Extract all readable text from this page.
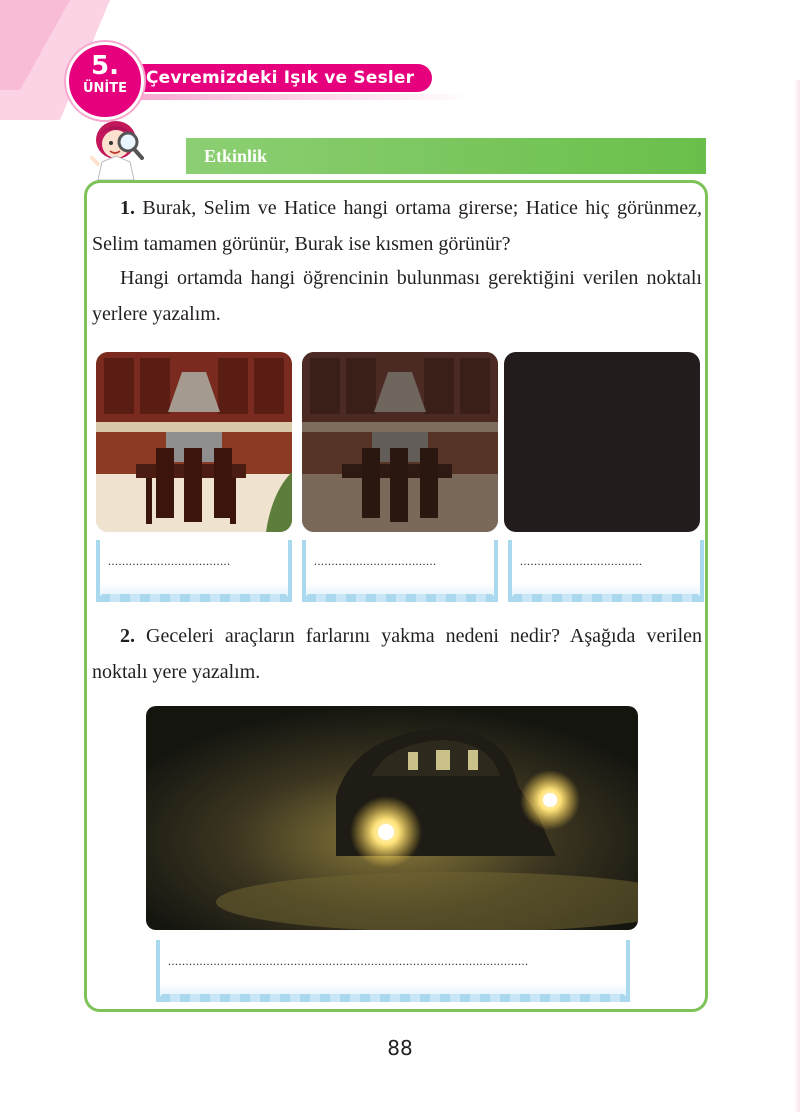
Çevremizdeki Işık ve Sesler
5.
ÜNİTE
Etkinlik

1. Burak, Selim ve Hatice hangi ortama girerse; Hatice hiç görünmez, Selim tamamen görünür, Burak ise kısmen görünür?

Hangi ortamda hangi öğrencinin bulunması gerektiğini verilen noktalı yerlere yazalım.

...................................	...................................	...................................

2. Geceleri araçların farlarını yakma nedeni nedir? Aşağıda verilen noktalı yere yazalım.

.......................................................................................................
88
